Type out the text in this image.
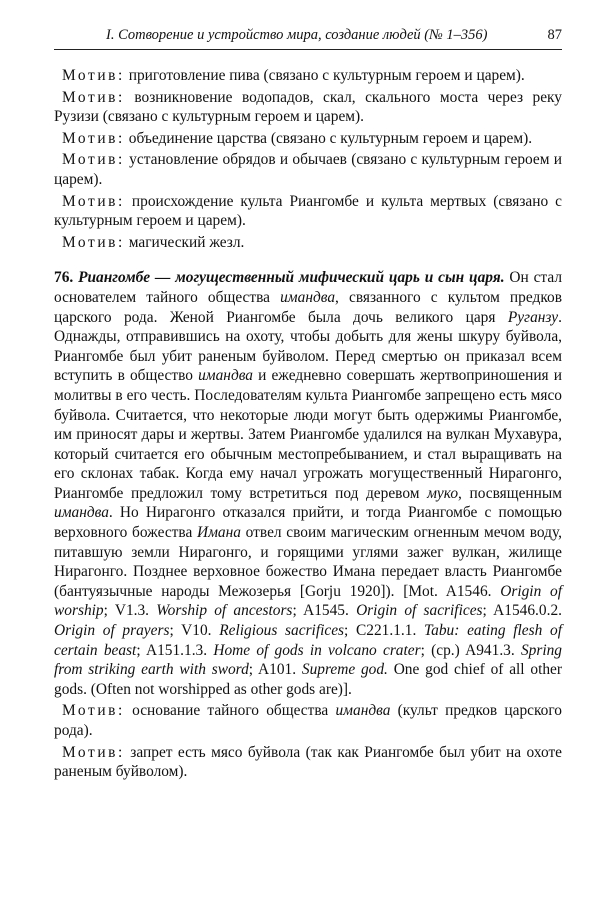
I. Сотворение и устройство мира, создание людей (№ 1–356)	87

Мотив: приготовление пива (связано с культурным героем и царем).

Мотив: возникновение водопадов, скал, скального моста через реку Рузизи (связано с культурным героем и царем).

Мотив: объединение царства (связано с культурным героем и царем).

Мотив: установление обрядов и обычаев (связано с культурным героем и царем).

Мотив: происхождение культа Риангомбе и культа мертвых (связано с культурным героем и царем).

Мотив: магический жезл.

76. Риангомбе — могущественный мифический царь и сын царя. Он стал основателем тайного общества имандва, связанного с культом предков царского рода. Женой Риангомбе была дочь великого царя Руганзу. Однажды, отправившись на охоту, чтобы добыть для жены шкуру буйвола, Риангомбе был убит раненым буйволом. Перед смертью он приказал всем вступить в общество имандва и ежедневно совершать жертвоприношения и молитвы в его честь. Последователям культа Риангомбе запрещено есть мясо буйвола. Считается, что некоторые люди могут быть одержимы Риангомбе, им приносят дары и жертвы. Затем Риангомбе удалился на вулкан Мухавура, который считается его обычным местопребыванием, и стал выращивать на его склонах табак. Когда ему начал угрожать могущественный Нирагонго, Риангомбе предложил тому встретиться под деревом муко, посвященным имандва. Но Нирагонго отказался прийти, и тогда Риангомбе с помощью верховного божества Имана отвел своим магическим огненным мечом воду, питавшую земли Нирагонго, и горящими углями зажег вулкан, жилище Нирагонго. Позднее верховное божество Имана передает власть Риангомбе (бантуязычные народы Межозерья [Gorju 1920]). [Mot. A1546. Origin of worship; V1.3. Worship of ancestors; A1545. Origin of sacrifices; A1546.0.2. Origin of prayers; V10. Religious sacrifices; C221.1.1. Tabu: eating flesh of certain beast; A151.1.3. Home of gods in volcano crater; (cp.) A941.3. Spring from striking earth with sword; A101. Supreme god. One god chief of all other gods. (Often not worshipped as other gods are)].

Мотив: основание тайного общества имандва (культ предков царского рода).

Мотив: запрет есть мясо буйвола (так как Риангомбе был убит на охоте раненым буйволом).
